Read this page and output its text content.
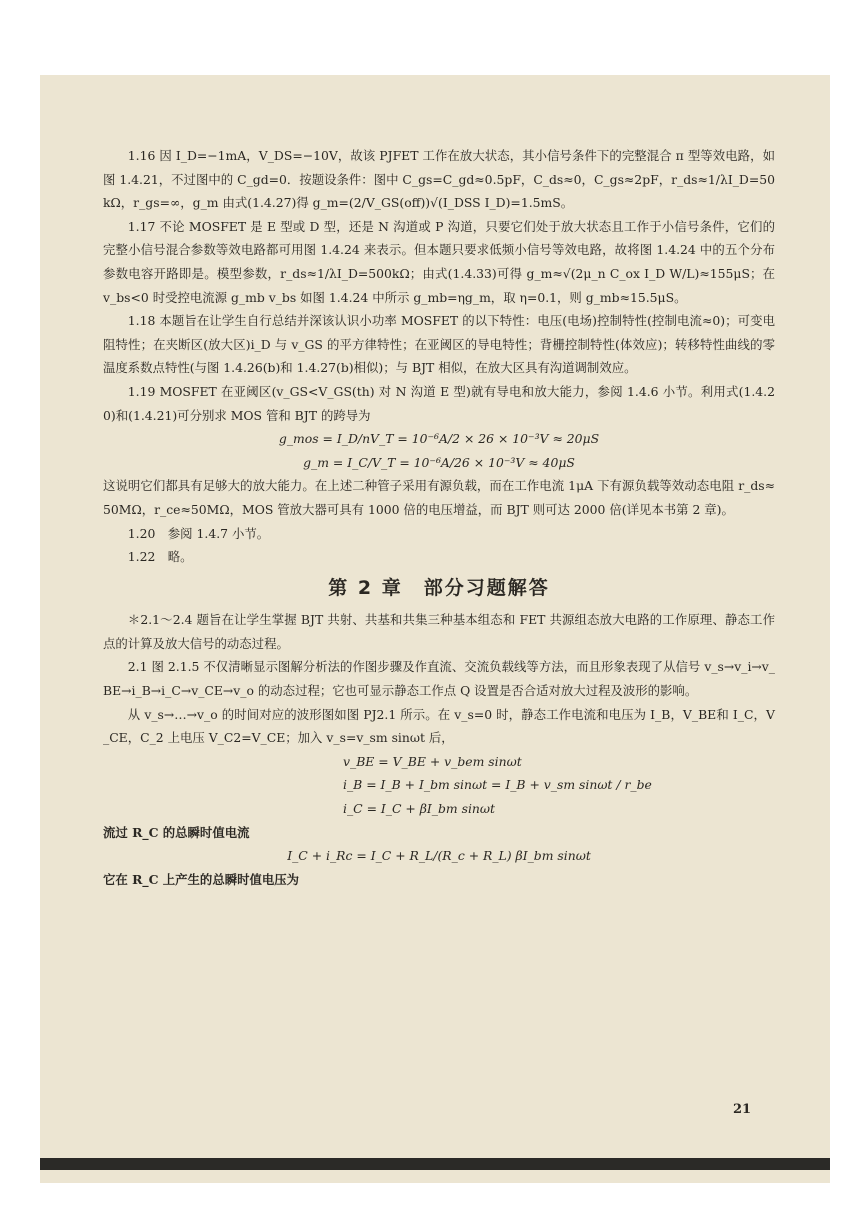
1.16 因 I_D=−1mA，V_DS=−10V，故该 PJFET 工作在放大状态，其小信号条件下的完整混合 π 型等效电路，如图 1.4.21，不过图中的 C_gd=0．按题设条件：图中 C_gs=C_gd≈0.5pF，C_ds≈0，C_gs≈2pF，r_ds≈1/λI_D=50kΩ，r_gs=∞，g_m 由式(1.4.27)得 g_m=(2/V_GS(off))√(I_DSS I_D)=1.5mS。

1.17 不论 MOSFET 是 E 型或 D 型，还是 N 沟道或 P 沟道，只要它们处于放大状态且工作于小信号条件，它们的完整小信号混合参数等效电路都可用图 1.4.24 来表示。但本题只要求低频小信号等效电路，故将图 1.4.24 中的五个分布参数电容开路即是。模型参数，r_ds≈1/λI_D=500kΩ；由式(1.4.33)可得 g_m≈√(2μ_n C_ox I_D W/L)≈155μS；在 v_bs<0 时受控电流源 g_mb v_bs 如图 1.4.24 中所示 g_mb=ηg_m，取 η=0.1，则 g_mb≈15.5μS。

1.18 本题旨在让学生自行总结并深该认识小功率 MOSFET 的以下特性：电压(电场)控制特性(控制电流≈0)；可变电阻特性；在夹断区(放大区)i_D 与 v_GS 的平方律特性；在亚阈区的导电特性；背栅控制特性(体效应)；转移特性曲线的零温度系数点特性(与图 1.4.26(b)和 1.4.27(b)相似)；与 BJT 相似，在放大区具有沟道调制效应。

1.19 MOSFET 在亚阈区(v_GS<V_GS(th) 对 N 沟道 E 型)就有导电和放大能力，参阅 1.4.6 小节。利用式(1.4.20)和(1.4.21)可分别求 MOS 管和 BJT 的跨导为

g_mos = I_D/nV_T = 10⁻⁶A/2 × 26 × 10⁻³V ≈ 20μS

g_m = I_C/V_T = 10⁻⁶A/26 × 10⁻³V ≈ 40μS

这说明它们都具有足够大的放大能力。在上述二种管子采用有源负载，而在工作电流 1μA 下有源负载等效动态电阻 r_ds≈50MΩ，r_ce≈50MΩ，MOS 管放大器可具有 1000 倍的电压增益，而 BJT 则可达 2000 倍(详见本书第 2 章)。

1.20　参阅 1.4.7 小节。

1.22　略。

第 2 章　部分习题解答

＊2.1～2.4 题旨在让学生掌握 BJT 共射、共基和共集三种基本组态和 FET 共源组态放大电路的工作原理、静态工作点的计算及放大信号的动态过程。

2.1 图 2.1.5 不仅清晰显示图解分析法的作图步骤及作直流、交流负载线等方法，而且形象表现了从信号 v_s→v_i→v_BE→i_B→i_C→v_CE→v_o 的动态过程；它也可显示静态工作点 Q 设置是否合适对放大过程及波形的影响。

从 v_s→…→v_o 的时间对应的波形图如图 PJ2.1 所示。在 v_s=0 时，静态工作电流和电压为 I_B，V_BE和 I_C，V_CE，C_2 上电压 V_C2=V_CE；加入 v_s=v_sm sinωt 后，

v_BE = V_BE + v_bem sinωt

i_B = I_B + I_bm sinωt = I_B + v_sm sinωt / r_be

i_C = I_C + βI_bm sinωt

流过 R_C 的总瞬时值电流

I_C + i_Rc = I_C + R_L/(R_c + R_L) βI_bm sinωt

它在 R_C 上产生的总瞬时值电压为

21
